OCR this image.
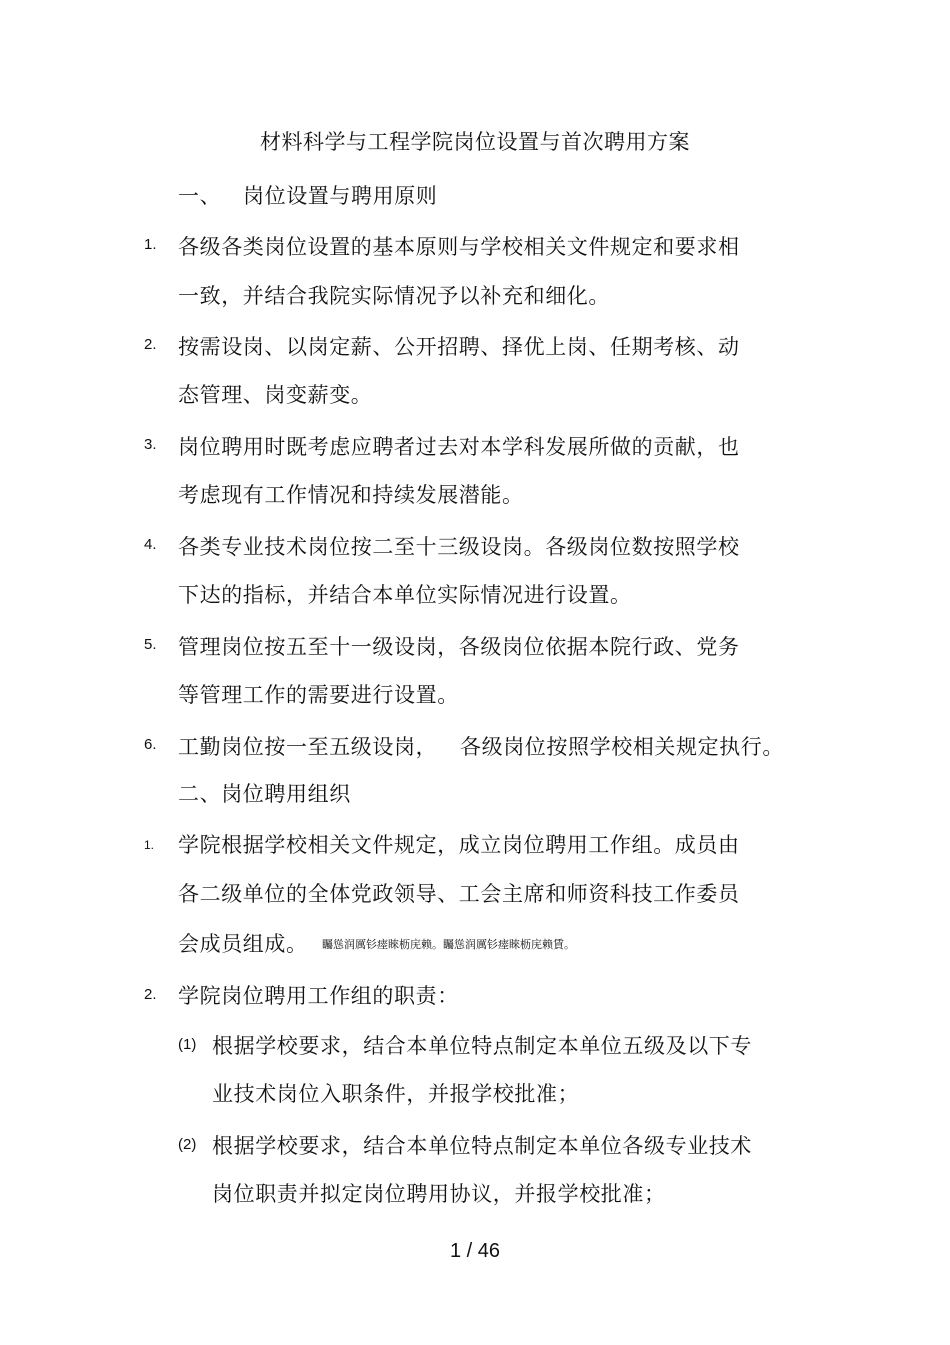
材料科学与工程学院岗位设置与首次聘用方案
一、 岗位设置与聘用原则
1. 各级各类岗位设置的基本原则与学校相关文件规定和要求相
一致，并结合我院实际情况予以补充和细化。
2. 按需设岗、以岗定薪、公开招聘、择优上岗、任期考核、动
态管理、岗变薪变。
3. 岗位聘用时既考虑应聘者过去对本学科发展所做的贡献，也
考虑现有工作情况和持续发展潜能。
4. 各类专业技术岗位按二至十三级设岗。各级岗位数按照学校
下达的指标，并结合本单位实际情况进行设置。
5. 管理岗位按五至十一级设岗，各级岗位依据本院行政、党务
等管理工作的需要进行设置。
6. 工勤岗位按一至五级设岗， 各级岗位按照学校相关规定执行。
二、岗位聘用组织
1. 学院根据学校相关文件规定，成立岗位聘用工作组。成员由
各二级单位的全体党政领导、工会主席和师资科技工作委员
会成员组成。 矚慫润厲钐瘗睞枥庑赖。矚慫润厲钐瘗睞枥庑赖賃。
2. 学院岗位聘用工作组的职责：
(1) 根据学校要求，结合本单位特点制定本单位五级及以下专
业技术岗位入职条件，并报学校批准；
(2) 根据学校要求，结合本单位特点制定本单位各级专业技术
岗位职责并拟定岗位聘用协议，并报学校批准；
1 / 46
